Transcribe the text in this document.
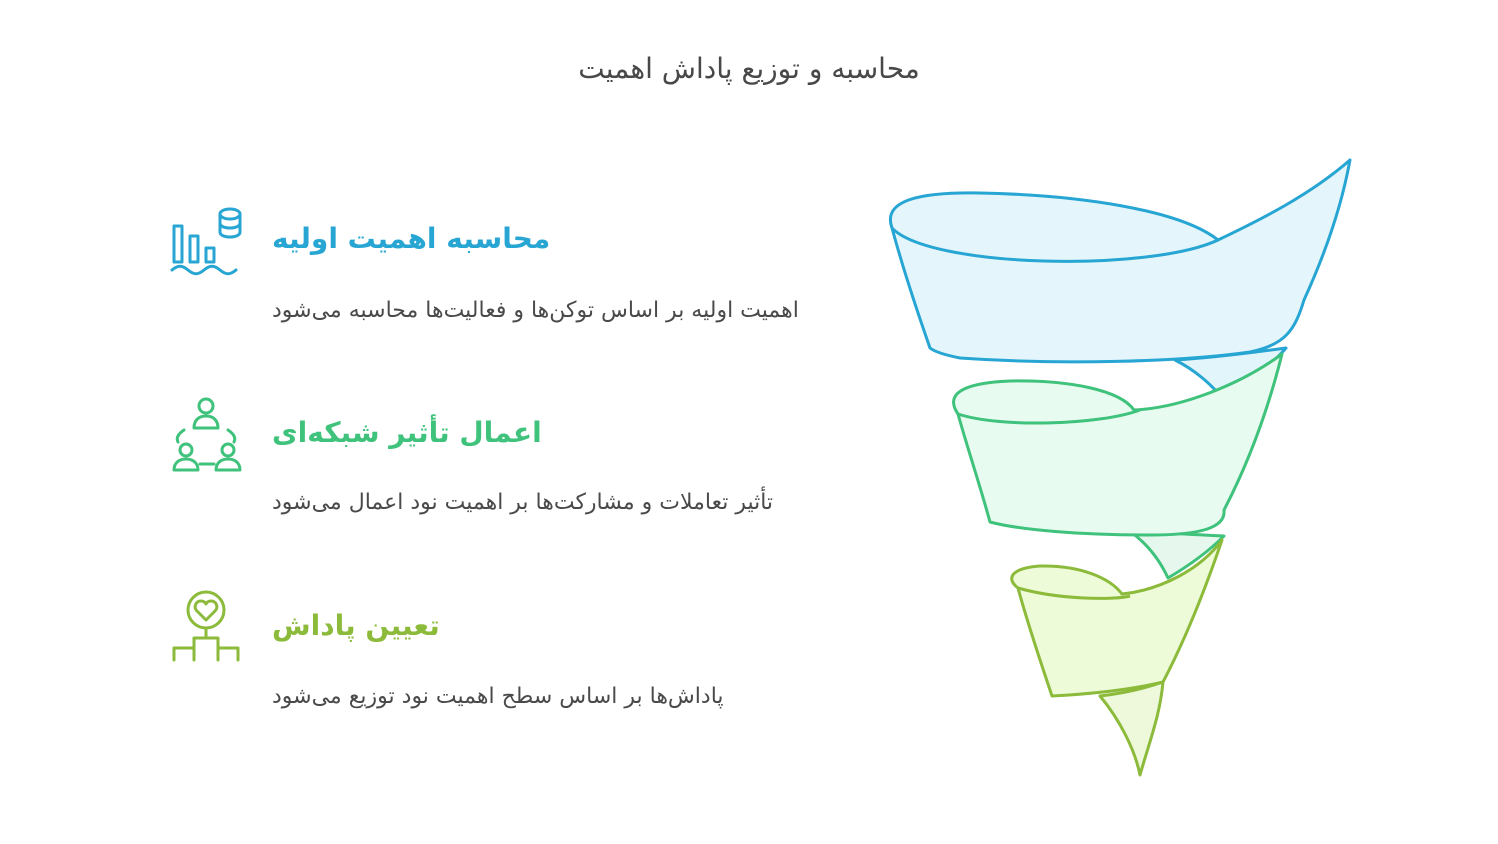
محاسبه و توزیع پاداش اهمیت
محاسبه اهمیت اولیه
اهمیت اولیه بر اساس توکن‌ها و فعالیت‌ها محاسبه می‌شود
اعمال تأثیر شبکه‌ای
تأثیر تعاملات و مشارکت‌ها بر اهمیت نود اعمال می‌شود
تعیین پاداش
پاداش‌ها بر اساس سطح اهمیت نود توزیع می‌شود
